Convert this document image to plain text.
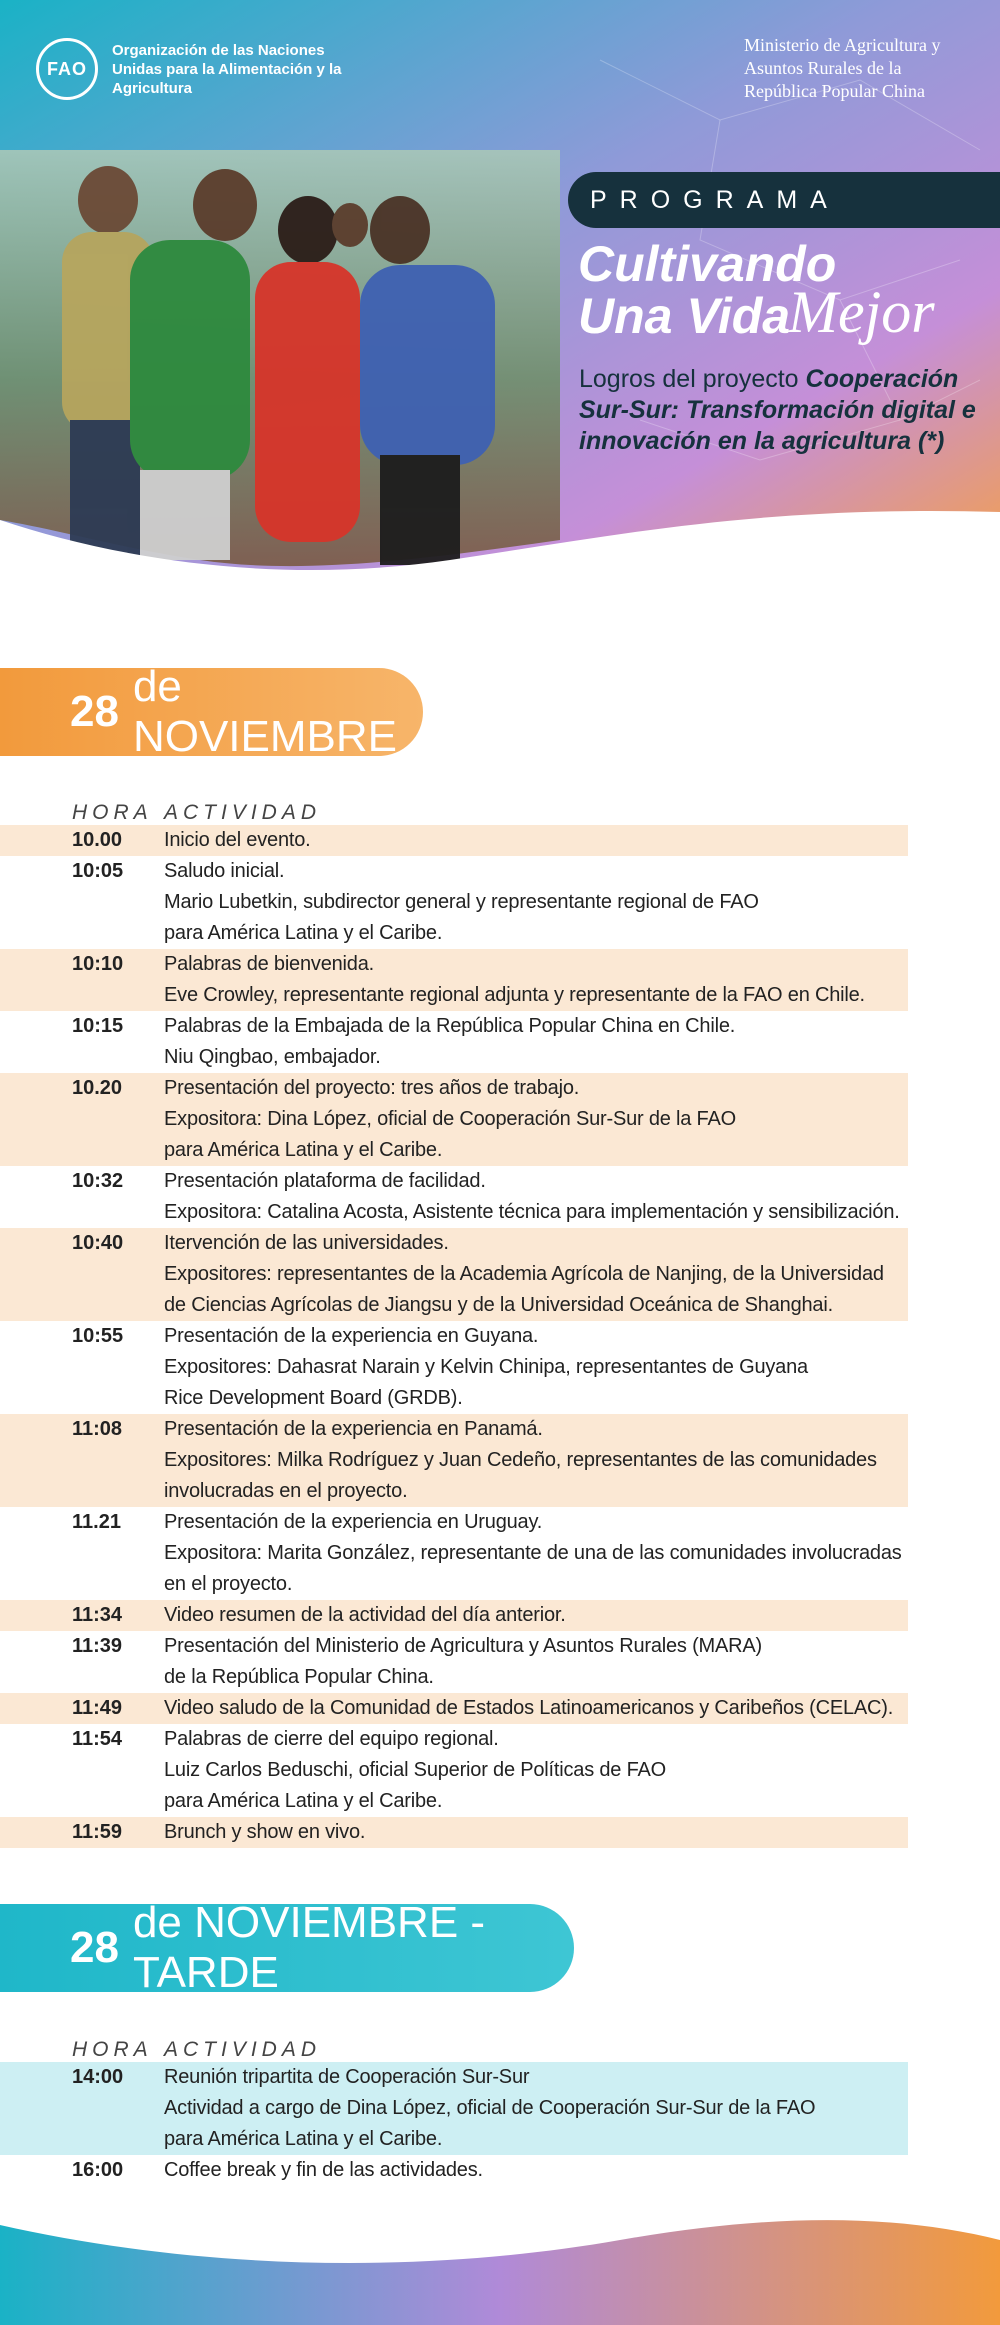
FAO
Organización de las Naciones Unidas para la Alimentación y la Agricultura
Ministerio de Agricultura y Asuntos Rurales de la República Popular China
PROGRAMA
Cultivando
Una Vida
Mejor
Logros del proyecto Cooperación Sur-Sur: Transformación digital e innovación en la agricultura (*)
28
de NOVIEMBRE
HORA ACTIVIDAD
10.00	Inicio del evento.
10:05	Saludo inicial.
Mario Lubetkin, subdirector general y representante regional de FAO
para América Latina y el Caribe.
10:10	Palabras de bienvenida.
Eve Crowley, representante regional adjunta y representante de la FAO en Chile.
10:15	Palabras de la Embajada de la República Popular China en Chile.
Niu Qingbao, embajador.
10.20	Presentación del proyecto: tres años de trabajo.
Expositora: Dina López, oficial de Cooperación Sur-Sur de la FAO
para América Latina y el Caribe.
10:32	Presentación plataforma de facilidad.
Expositora: Catalina Acosta, Asistente técnica para implementación y sensibilización.
10:40	Itervención de las universidades.
Expositores: representantes de la Academia Agrícola de Nanjing, de la Universidad
de Ciencias Agrícolas de Jiangsu y de la Universidad Oceánica de Shanghai.
10:55	Presentación de la experiencia en Guyana.
Expositores: Dahasrat Narain y Kelvin Chinipa, representantes de Guyana
Rice Development Board (GRDB).
11:08	Presentación de la experiencia en Panamá.
Expositores: Milka Rodríguez y Juan Cedeño, representantes de las comunidades
involucradas en el proyecto.
11.21	Presentación de la experiencia en Uruguay.
Expositora: Marita González, representante de una de las comunidades involucradas
en el proyecto.
11:34	Video resumen de la actividad del día anterior.
11:39	Presentación del Ministerio de Agricultura y Asuntos Rurales (MARA)
de la República Popular China.
11:49	Video saludo de la Comunidad de Estados Latinoamericanos y Caribeños (CELAC).
11:54	Palabras de cierre del equipo regional.
Luiz Carlos Beduschi, oficial Superior de Políticas de FAO
para América Latina y el Caribe.
11:59	Brunch y show en vivo.
28
de NOVIEMBRE - TARDE
HORA ACTIVIDAD
14:00	Reunión tripartita de Cooperación Sur-Sur
Actividad a cargo de Dina López, oficial de Cooperación Sur-Sur de la FAO
para América Latina y el Caribe.
16:00	Coffee break y fin de las actividades.
